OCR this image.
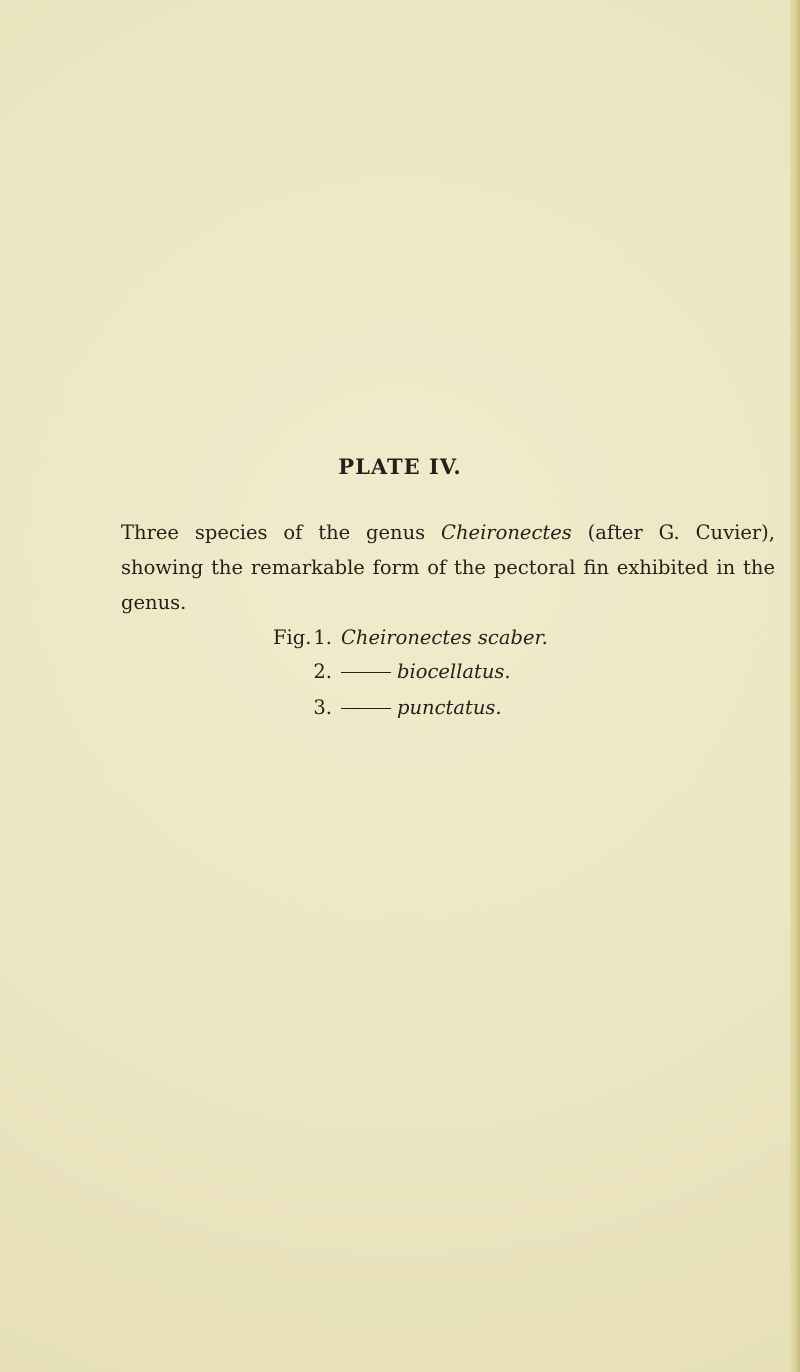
PLATE IV.

Three species of the genus Cheironectes (after G. Cuvier), showing the remarkable form of the pectoral fin exhibited in the genus.

Fig. 1. Cheironectes scaber.
2.	biocellatus.
3.	punctatus.
